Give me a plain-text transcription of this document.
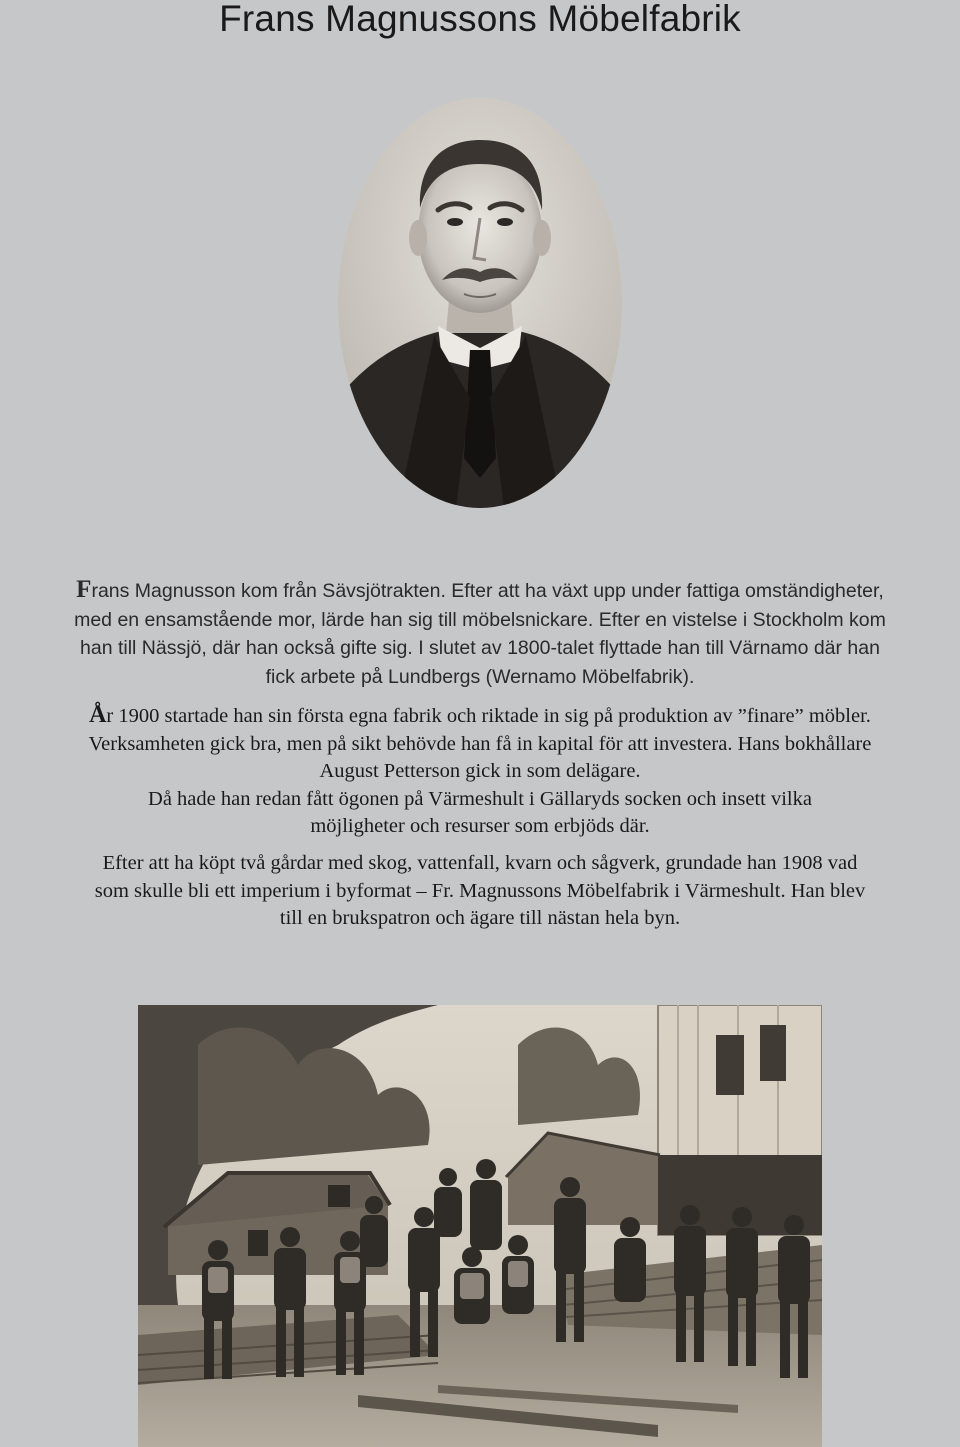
Frans Magnussons Möbelfabrik

Frans Magnusson kom från Sävsjötrakten. Efter att ha växt upp under fattiga omständigheter,
med en ensamstående mor, lärde han sig till möbelsnickare. Efter en vistelse i Stockholm kom
han till Nässjö, där han också gifte sig. I slutet av 1800-talet flyttade han till Värnamo där han
fick arbete på Lundbergs (Wernamo Möbelfabrik).

År 1900 startade han sin första egna fabrik och riktade in sig på produktion av ”finare” möbler.
Verksamheten gick bra, men på sikt behövde han få in kapital för att investera. Hans bokhållare
August Petterson gick in som delägare.
Då hade han redan fått ögonen på Värmeshult i Gällaryds socken och insett vilka
möjligheter och resurser som erbjöds där.

Efter att ha köpt två gårdar med skog, vattenfall, kvarn och sågverk, grundade han 1908 vad
som skulle bli ett imperium i byformat – Fr. Magnussons Möbelfabrik i Värmeshult. Han blev
till en brukspatron och ägare till nästan hela byn.
